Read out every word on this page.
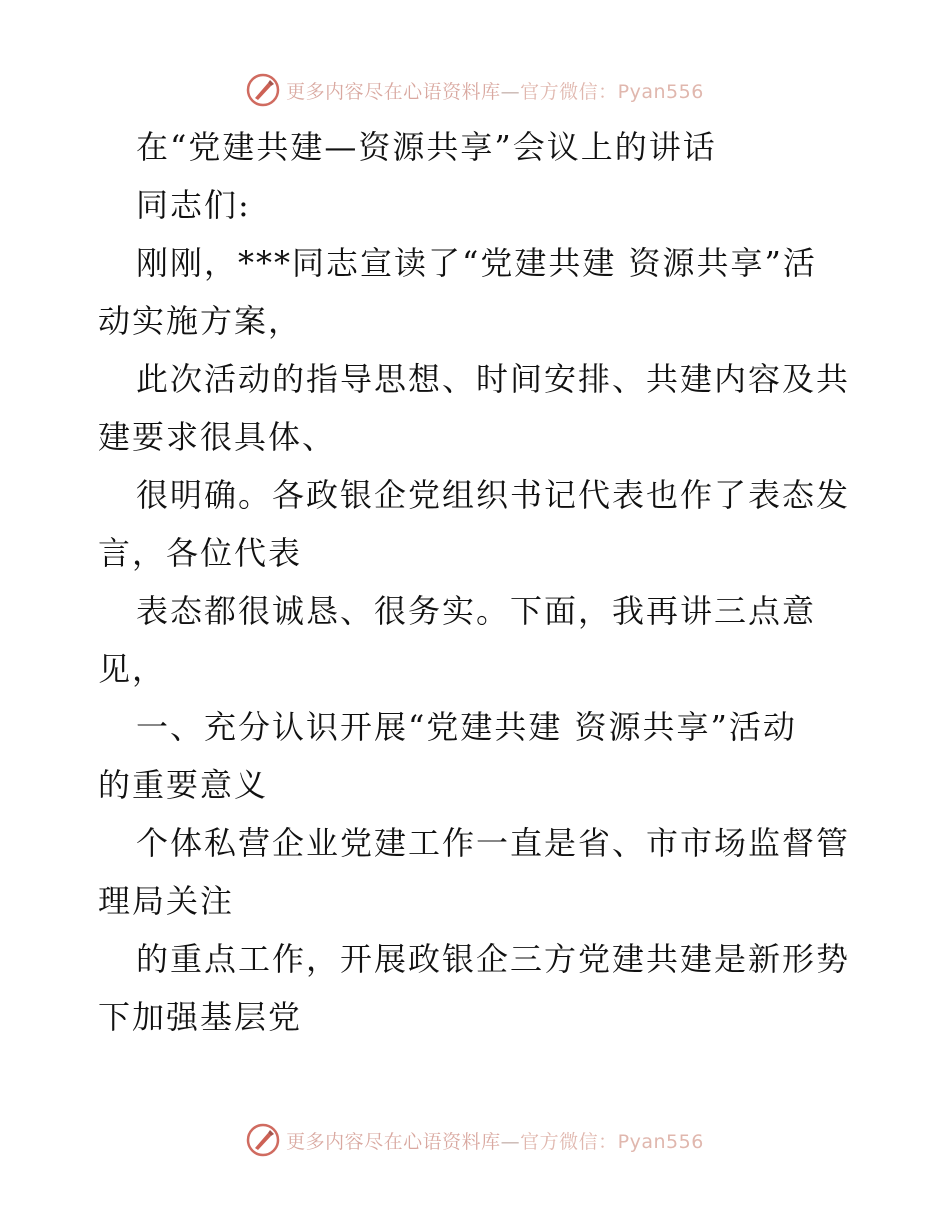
更多内容尽在心语资料库—官方微信：Pyan556
在“党建共建—资源共享”会议上的讲话
同志们:
刚刚，***同志宣读了“党建共建 资源共享”活
动实施方案，
此次活动的指导思想、时间安排、共建内容及共
建要求很具体、
很明确。各政银企党组织书记代表也作了表态发
言，各位代表
表态都很诚恳、很务实。下面，我再讲三点意
见，
一、充分认识开展“党建共建 资源共享”活动
的重要意义
个体私营企业党建工作一直是省、市市场监督管
理局关注
的重点工作，开展政银企三方党建共建是新形势
下加强基层党
更多内容尽在心语资料库—官方微信：Pyan556
